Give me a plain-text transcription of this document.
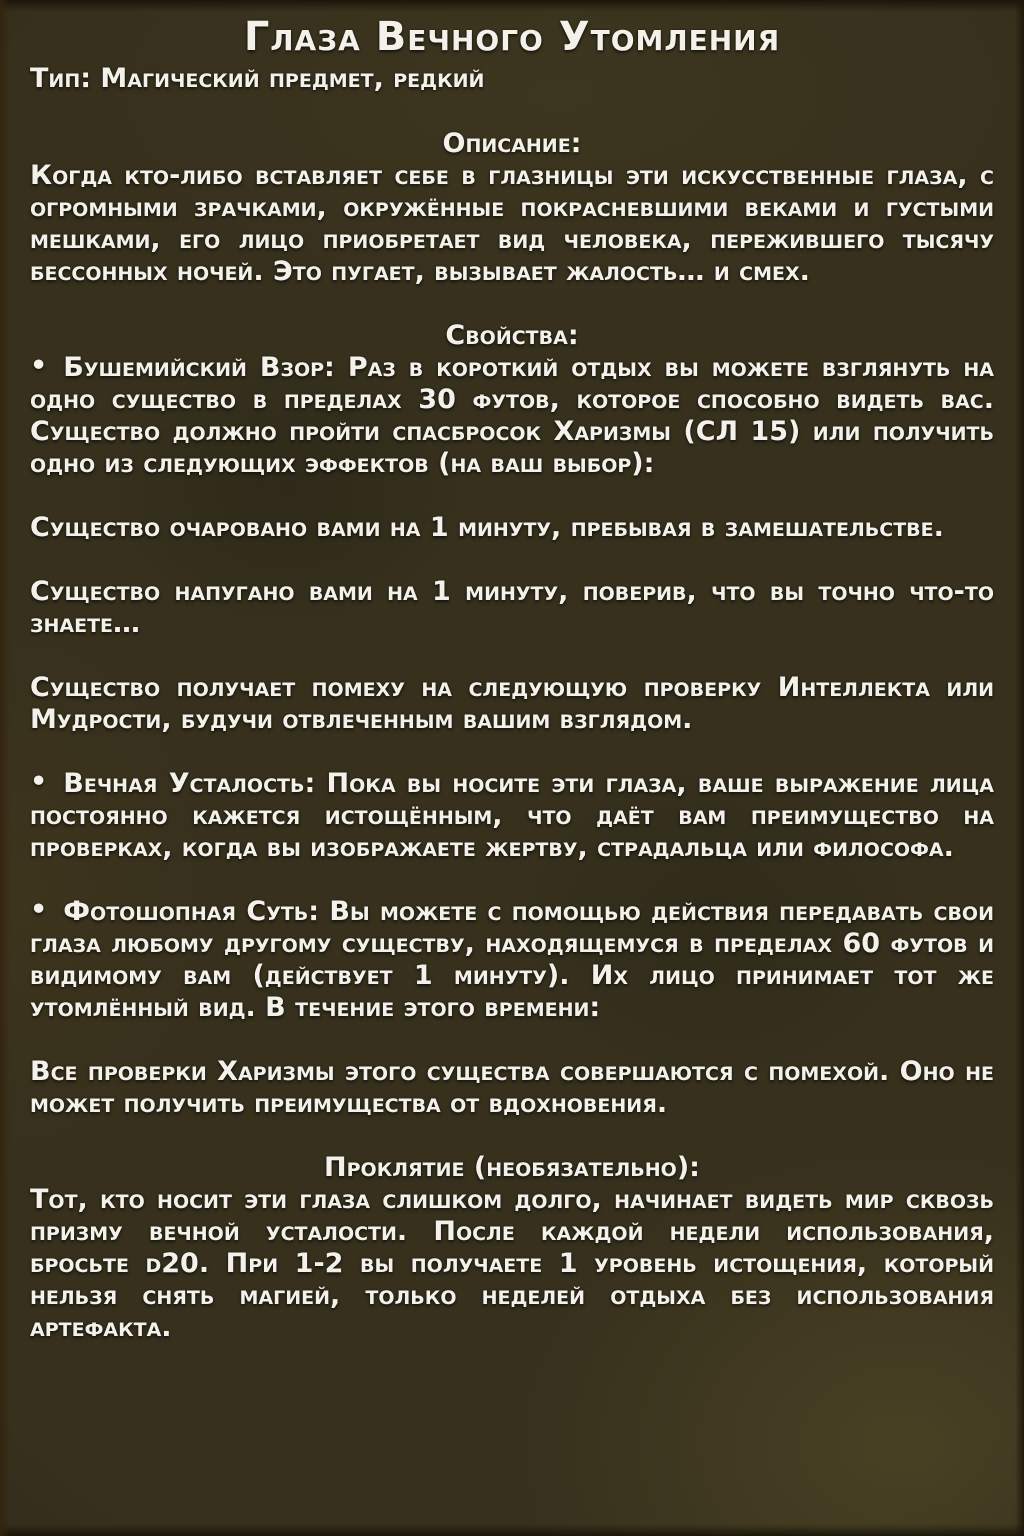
Глаза Вечного Утомления

Тип: Магический предмет, редкий

Описание:

Когда кто-либо вставляет себе в глазницы эти искусственные глаза, с огромными зрачками, окружённые покрасневшими веками и густыми мешками, его лицо приобретает вид человека, пережившего тысячу бессонных ночей. Это пугает, вызывает жалость… и смех.

Свойства:

• Бушемийский Взор: Раз в короткий отдых вы можете взглянуть на одно существо в пределах 30 футов, которое способно видеть вас. Существо должно пройти спасбросок Харизмы (СЛ 15) или получить одно из следующих эффектов (на ваш выбор):

Существо очаровано вами на 1 минуту, пребывая в замешательстве.

Существо напугано вами на 1 минуту, поверив, что вы точно что-то знаете…

Существо получает помеху на следующую проверку Интеллекта или Мудрости, будучи отвлеченным вашим взглядом.

• Вечная Усталость: Пока вы носите эти глаза, ваше выражение лица постоянно кажется истощённым, что даёт вам преимущество на проверках, когда вы изображаете жертву, страдальца или философа.

• Фотошопная Суть: Вы можете с помощью действия передавать свои глаза любому другому существу, находящемуся в пределах 60 футов и видимому вам (действует 1 минуту). Их лицо принимает тот же утомлённый вид. В течение этого времени:

Все проверки Харизмы этого существа совершаются с помехой. Оно не может получить преимущества от вдохновения.

Проклятие (необязательно):

Тот, кто носит эти глаза слишком долго, начинает видеть мир сквозь призму вечной усталости. После каждой недели использования, бросьте d20. При 1-2 вы получаете 1 уровень истощения, который нельзя снять магией, только неделей отдыха без использования артефакта.
